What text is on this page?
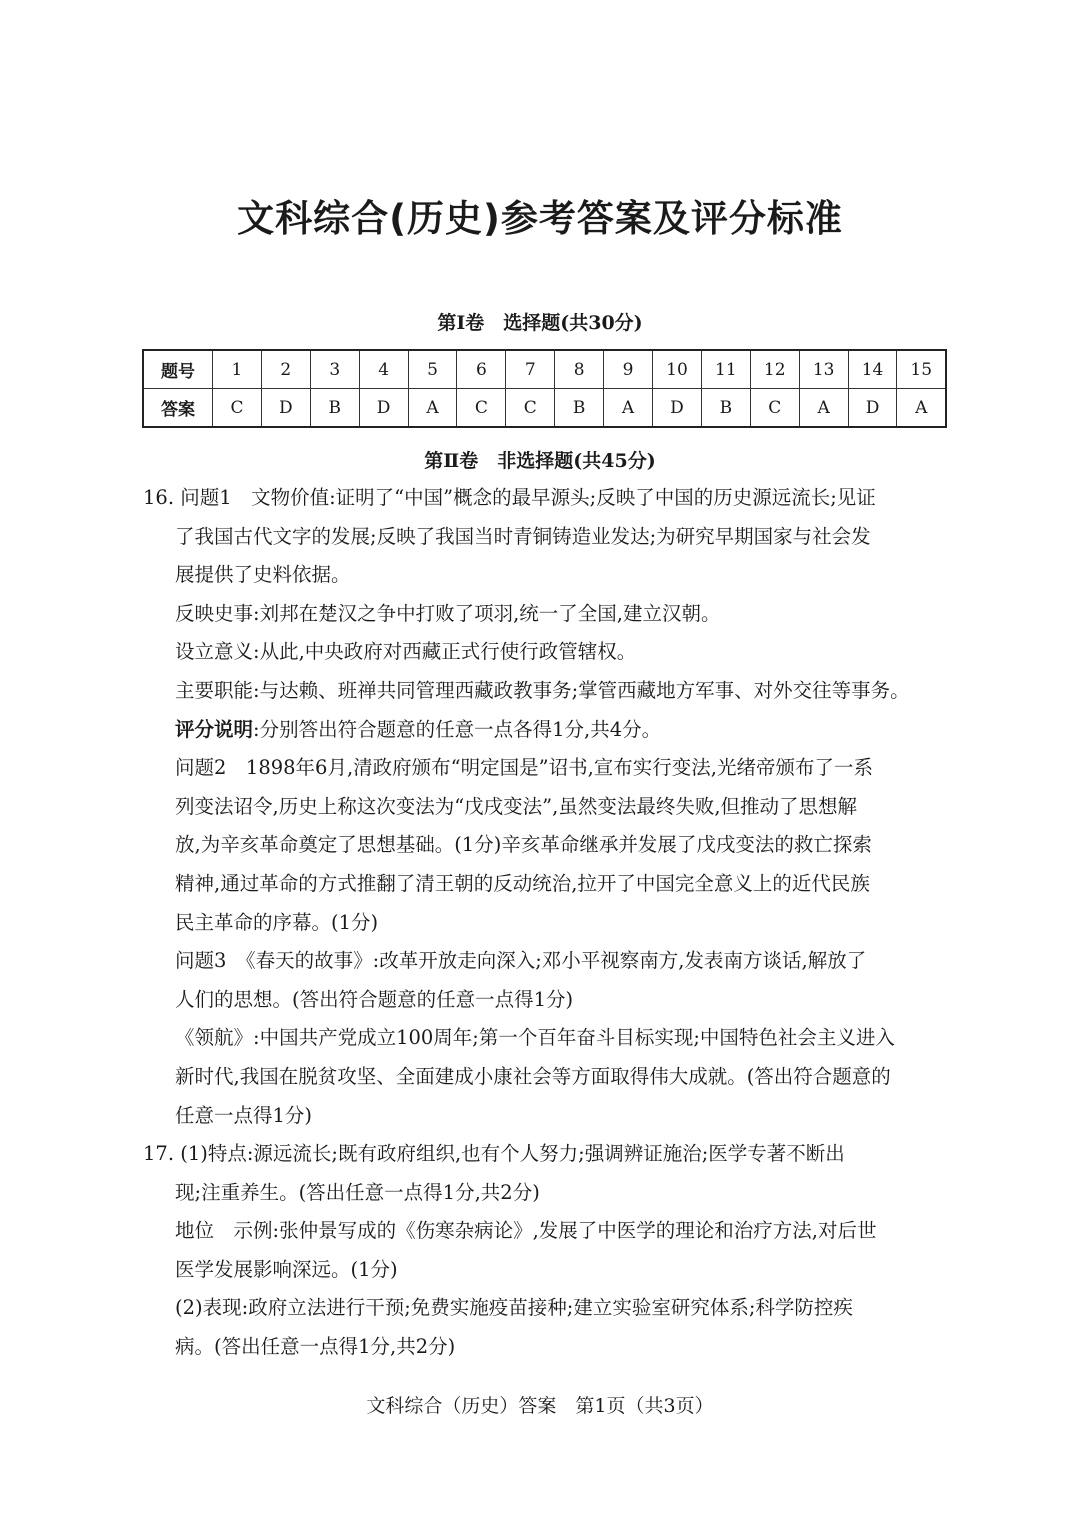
文科综合(历史)参考答案及评分标准
第Ⅰ卷　选择题(共30分)
题号	1	2	3	4	5	6	7	8	9	10	11	12	13	14	15
答案	C	D	B	D	A	C	C	B	A	D	B	C	A	D	A
第Ⅱ卷　非选择题(共45分)
16. 问题1　文物价值:证明了“中国”概念的最早源头;反映了中国的历史源远流长;见证
了我国古代文字的发展;反映了我国当时青铜铸造业发达;为研究早期国家与社会发
展提供了史料依据。
反映史事:刘邦在楚汉之争中打败了项羽,统一了全国,建立汉朝。
设立意义:从此,中央政府对西藏正式行使行政管辖权。
主要职能:与达赖、班禅共同管理西藏政教事务;掌管西藏地方军事、对外交往等事务。
评分说明:分别答出符合题意的任意一点各得1分,共4分。
问题2　1898年6月,清政府颁布“明定国是”诏书,宣布实行变法,光绪帝颁布了一系
列变法诏令,历史上称这次变法为“戊戌变法”,虽然变法最终失败,但推动了思想解
放,为辛亥革命奠定了思想基础。(1分)辛亥革命继承并发展了戊戌变法的救亡探索
精神,通过革命的方式推翻了清王朝的反动统治,拉开了中国完全意义上的近代民族
民主革命的序幕。(1分)
问题3　《春天的故事》:改革开放走向深入;邓小平视察南方,发表南方谈话,解放了
人们的思想。(答出符合题意的任意一点得1分)
《领航》:中国共产党成立100周年;第一个百年奋斗目标实现;中国特色社会主义进入
新时代,我国在脱贫攻坚、全面建成小康社会等方面取得伟大成就。(答出符合题意的
任意一点得1分)
17. (1)特点:源远流长;既有政府组织,也有个人努力;强调辨证施治;医学专著不断出
现;注重养生。(答出任意一点得1分,共2分)
地位　示例:张仲景写成的《伤寒杂病论》,发展了中医学的理论和治疗方法,对后世
医学发展影响深远。(1分)
(2)表现:政府立法进行干预;免费实施疫苗接种;建立实验室研究体系;科学防控疾
病。(答出任意一点得1分,共2分)
文科综合（历史）答案　第1页（共3页）
